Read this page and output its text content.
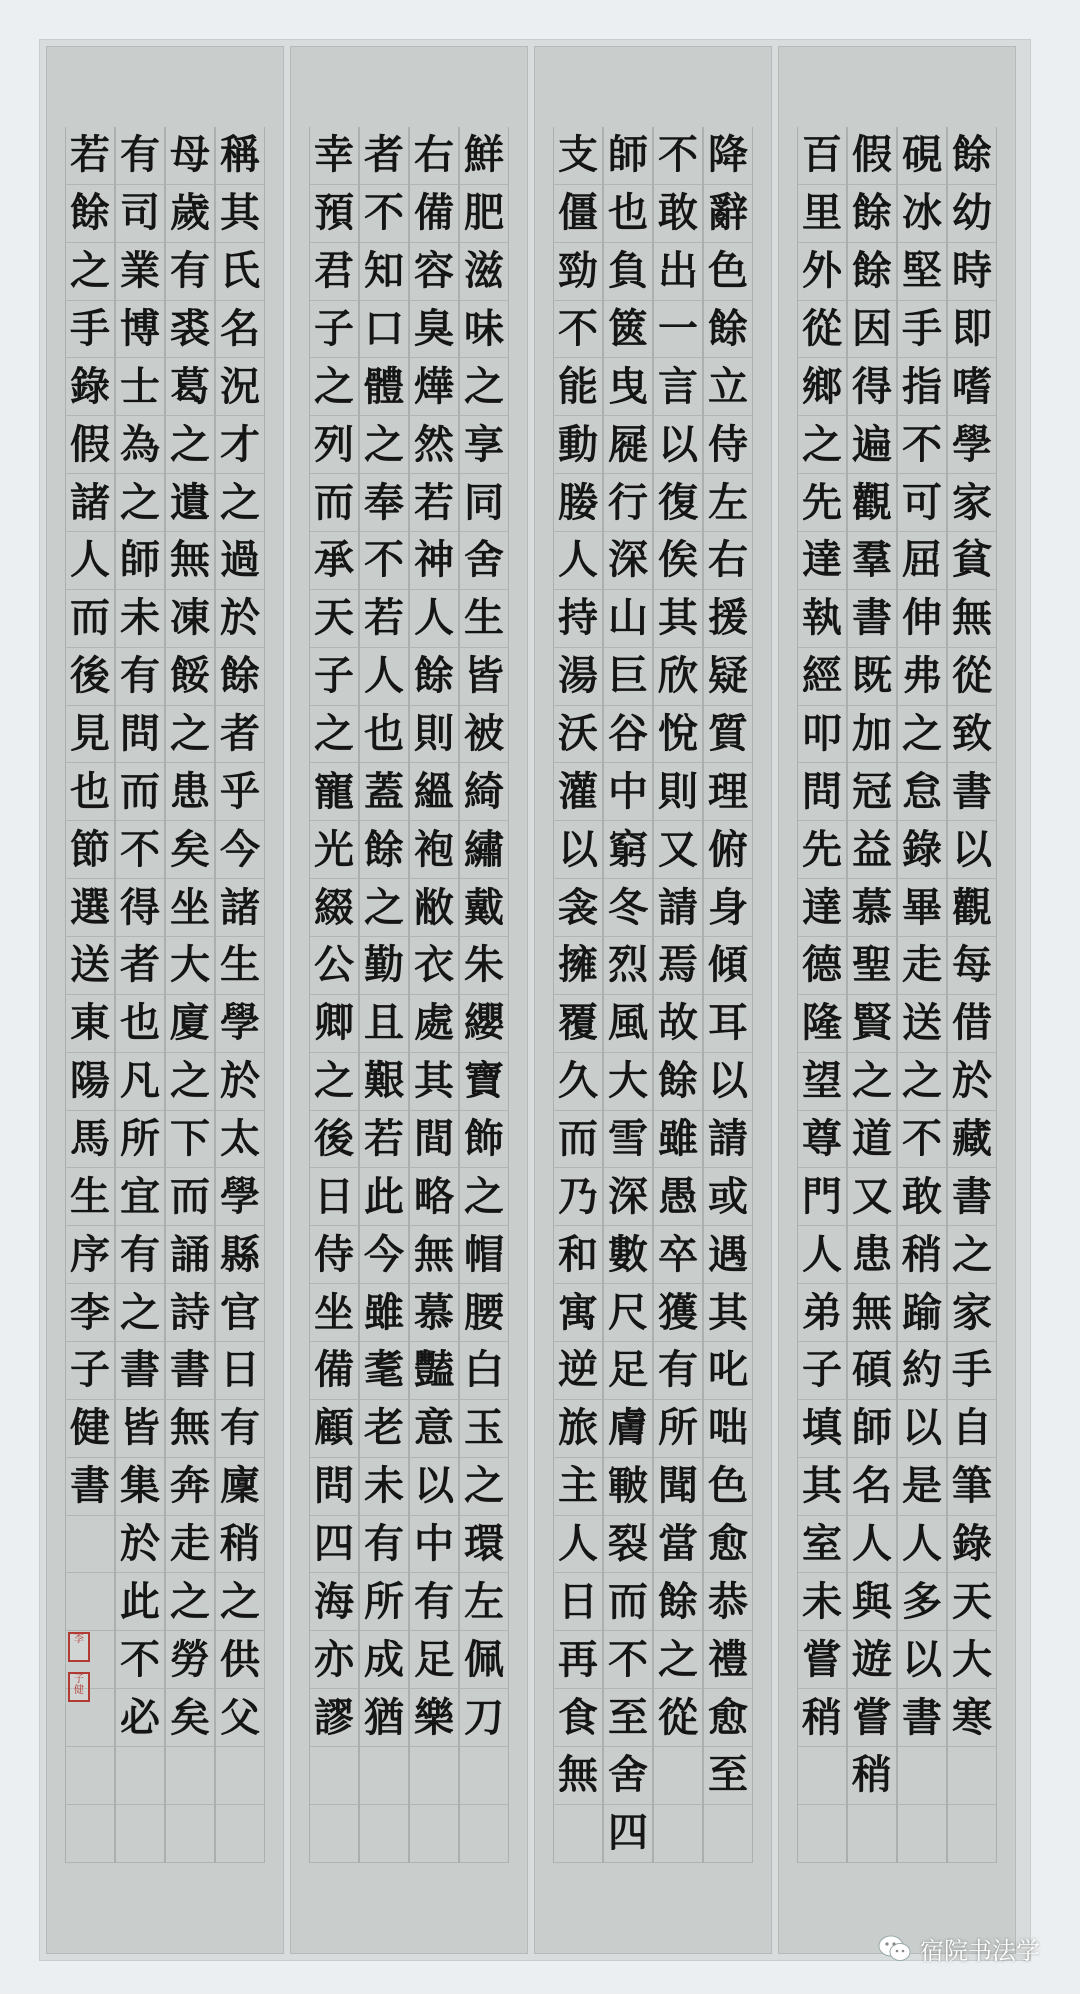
餘
幼
時
即
嗜
學
家
貧
無
從
致
書
以
觀
每
借
於
藏
書
之
家
手
自
筆
錄
天
大
寒
硯
冰
堅
手
指
不
可
屈
伸
弗
之
怠
錄
畢
走
送
之
不
敢
稍
踰
約
以
是
人
多
以
書
假
餘
餘
因
得
遍
觀
羣
書
既
加
冠
益
慕
聖
賢
之
道
又
患
無
碩
師
名
人
與
遊
嘗
稍
百
里
外
從
鄉
之
先
達
執
經
叩
問
先
達
德
隆
望
尊
門
人
弟
子
填
其
室
未
嘗
稍
降
辭
色
餘
立
侍
左
右
援
疑
質
理
俯
身
傾
耳
以
請
或
遇
其
叱
咄
色
愈
恭
禮
愈
至
不
敢
出
一
言
以
復
俟
其
欣
悅
則
又
請
焉
故
餘
雖
愚
卒
獲
有
所
聞
當
餘
之
從
師
也
負
篋
曳
屣
行
深
山
巨
谷
中
窮
冬
烈
風
大
雪
深
數
尺
足
膚
皸
裂
而
不
至
舍
四
支
僵
勁
不
能
動
媵
人
持
湯
沃
灌
以
衾
擁
覆
久
而
乃
和
寓
逆
旅
主
人
日
再
食
無
鮮
肥
滋
味
之
享
同
舍
生
皆
被
綺
繡
戴
朱
纓
寶
飾
之
帽
腰
白
玉
之
環
左
佩
刀
右
備
容
臭
燁
然
若
神
人
餘
則
縕
袍
敝
衣
處
其
間
略
無
慕
豔
意
以
中
有
足
樂
者
不
知
口
體
之
奉
不
若
人
也
蓋
餘
之
勤
且
艱
若
此
今
雖
耄
老
未
有
所
成
猶
幸
預
君
子
之
列
而
承
天
子
之
寵
光
綴
公
卿
之
後
日
侍
坐
備
顧
問
四
海
亦
謬
稱
其
氏
名
況
才
之
過
於
餘
者
乎
今
諸
生
學
於
太
學
縣
官
日
有
廩
稍
之
供
父
母
歲
有
裘
葛
之
遺
無
凍
餒
之
患
矣
坐
大
廈
之
下
而
誦
詩
書
無
奔
走
之
勞
矣
有
司
業
博
士
為
之
師
未
有
問
而
不
得
者
也
凡
所
宜
有
之
書
皆
集
於
此
不
必
若
餘
之
手
錄
假
諸
人
而
後
見
也
節
選
送
東
陽
馬
生
序
李
子
健
書
李
子健
宿院书法学
